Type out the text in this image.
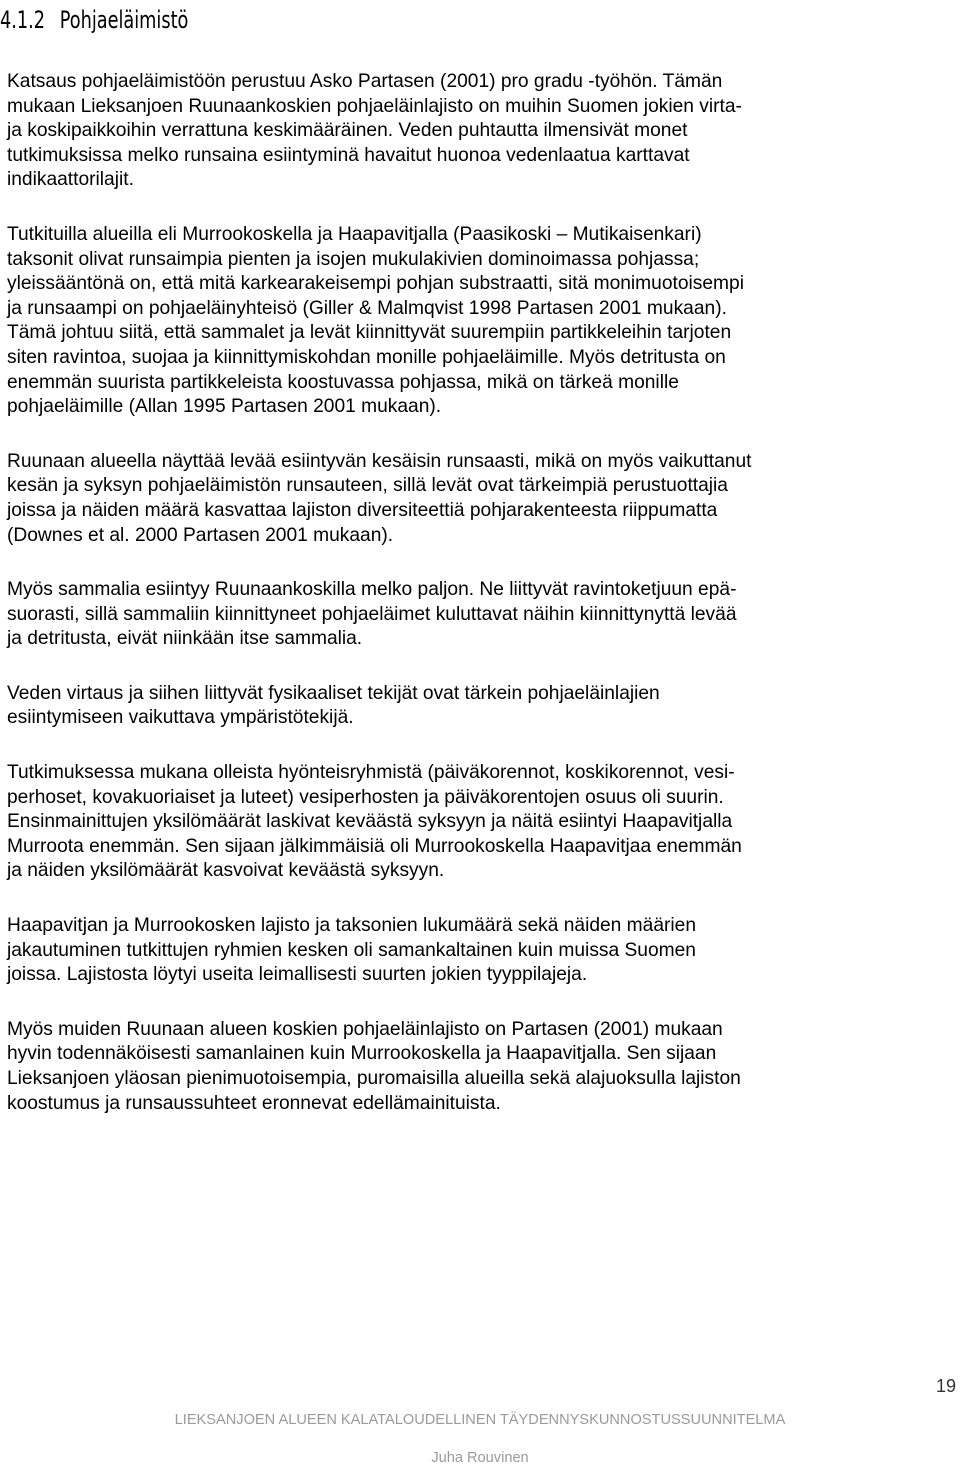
4.1.2 Pohjaeläimistö

Katsaus pohjaeläimistöön perustuu Asko Partasen (2001) pro gradu -työhön. Tämän
mukaan Lieksanjoen Ruunaankoskien pohjaeläinlajisto on muihin Suomen jokien virta-
ja koskipaikkoihin verrattuna keskimääräinen. Veden puhtautta ilmensivät monet
tutkimuksissa melko runsaina esiintyminä havaitut huonoa vedenlaatua karttavat
indikaattorilajit.

Tutkituilla alueilla eli Murrookoskella ja Haapavitjalla (Paasikoski – Mutikaisenkari)
taksonit olivat runsaimpia pienten ja isojen mukulakivien dominoimassa pohjassa;
yleissääntönä on, että mitä karkearakeisempi pohjan substraatti, sitä monimuotoisempi
ja runsaampi on pohjaeläinyhteisö (Giller & Malmqvist 1998 Partasen 2001 mukaan).
Tämä johtuu siitä, että sammalet ja levät kiinnittyvät suurempiin partikkeleihin tarjoten
siten ravintoa, suojaa ja kiinnittymiskohdan monille pohjaeläimille. Myös detritusta on
enemmän suurista partikkeleista koostuvassa pohjassa, mikä on tärkeä monille
pohjaeläimille (Allan 1995 Partasen 2001 mukaan).

Ruunaan alueella näyttää levää esiintyvän kesäisin runsaasti, mikä on myös vaikuttanut
kesän ja syksyn pohjaeläimistön runsauteen, sillä levät ovat tärkeimpiä perustuottajia
joissa ja näiden määrä kasvattaa lajiston diversiteettiä pohjarakenteesta riippumatta
(Downes et al. 2000 Partasen 2001 mukaan).

Myös sammalia esiintyy Ruunaankoskilla melko paljon. Ne liittyvät ravintoketjuun epä-
suorasti, sillä sammaliin kiinnittyneet pohjaeläimet kuluttavat näihin kiinnittynyttä levää
ja detritusta, eivät niinkään itse sammalia.

Veden virtaus ja siihen liittyvät fysikaaliset tekijät ovat tärkein pohjaeläinlajien
esiintymiseen vaikuttava ympäristötekijä.

Tutkimuksessa mukana olleista hyönteisryhmistä (päiväkorennot, koskikorennot, vesi-
perhoset, kovakuoriaiset ja luteet) vesiperhosten ja päiväkorentojen osuus oli suurin.
Ensinmainittujen yksilömäärät laskivat keväästä syksyyn ja näitä esiintyi Haapavitjalla
Murroota enemmän. Sen sijaan jälkimmäisiä oli Murrookoskella Haapavitjaa enemmän
ja näiden yksilömäärät kasvoivat keväästä syksyyn.

Haapavitjan ja Murrookosken lajisto ja taksonien lukumäärä sekä näiden määrien
jakautuminen tutkittujen ryhmien kesken oli samankaltainen kuin muissa Suomen
joissa. Lajistosta löytyi useita leimallisesti suurten jokien tyyppilajeja.

Myös muiden Ruunaan alueen koskien pohjaeläinlajisto on Partasen (2001) mukaan
hyvin todennäköisesti samanlainen kuin Murrookoskella ja Haapavitjalla. Sen sijaan
Lieksanjoen yläosan pienimuotoisempia, puromaisilla alueilla sekä alajuoksulla lajiston
koostumus ja runsaussuhteet eronnevat edellämainituista.

19
LIEKSANJOEN ALUEEN KALATALOUDELLINEN TÄYDENNYSKUNNOSTUSSUUNNITELMA
Juha Rouvinen
